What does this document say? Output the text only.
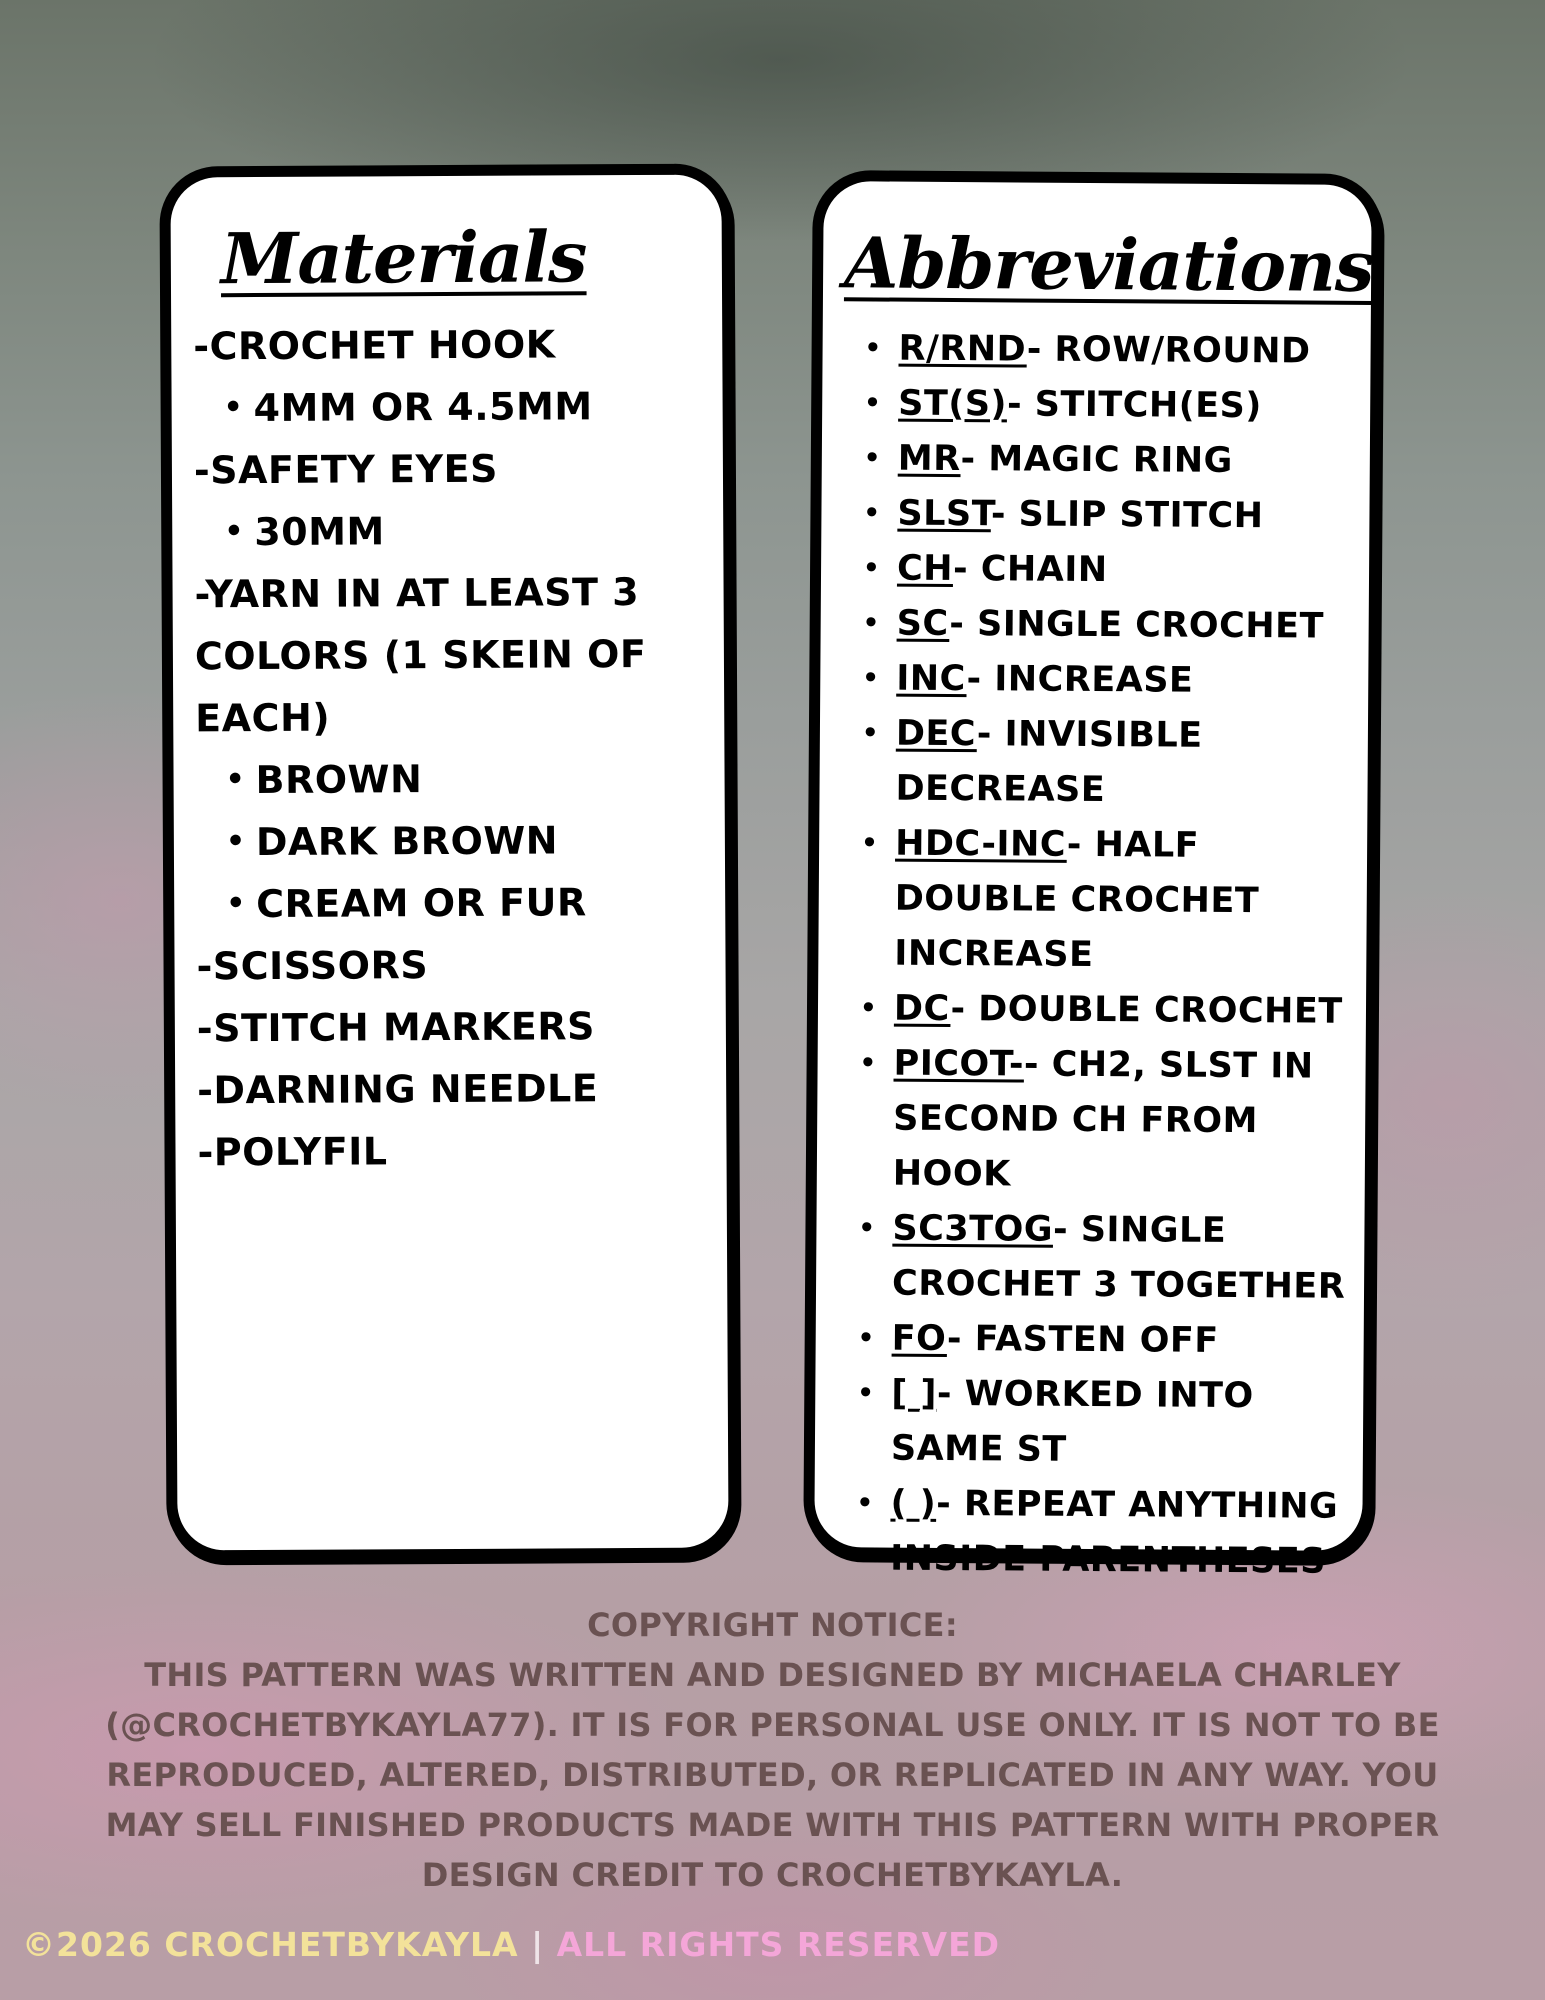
Materials
-CROCHET HOOK
• 4MM OR 4.5MM
-SAFETY EYES
• 30MM
-YARN IN AT LEAST 3 COLORS (1 SKEIN OF EACH)
• BROWN
• DARK BROWN
• CREAM OR FUR
-SCISSORS
-STITCH MARKERS
-DARNING NEEDLE
-POLYFIL
Abbreviations
• R/RND- ROW/ROUND
• ST(S)- STITCH(ES)
• MR- MAGIC RING
• SLST- SLIP STITCH
• CH- CHAIN
• SC- SINGLE CROCHET
• INC- INCREASE
• DEC- INVISIBLE DECREASE
• HDC-INC- HALF DOUBLE CROCHET INCREASE
• DC- DOUBLE CROCHET
• PICOT-- CH2, SLST IN SECOND CH FROM HOOK
• SC3TOG- SINGLE CROCHET 3 TOGETHER
• FO- FASTEN OFF
• [ ]- WORKED INTO SAME ST
• ( )- REPEAT ANYTHING INSIDE PARENTHESES

COPYRIGHT NOTICE:

THIS PATTERN WAS WRITTEN AND DESIGNED BY MICHAELA CHARLEY (@CROCHETBYKAYLA77). IT IS FOR PERSONAL USE ONLY. IT IS NOT TO BE REPRODUCED, ALTERED, DISTRIBUTED, OR REPLICATED IN ANY WAY. YOU MAY SELL FINISHED PRODUCTS MADE WITH THIS PATTERN WITH PROPER DESIGN CREDIT TO CROCHETBYKAYLA.

©2026 CROCHETBYKAYLA | ALL RIGHTS RESERVED
